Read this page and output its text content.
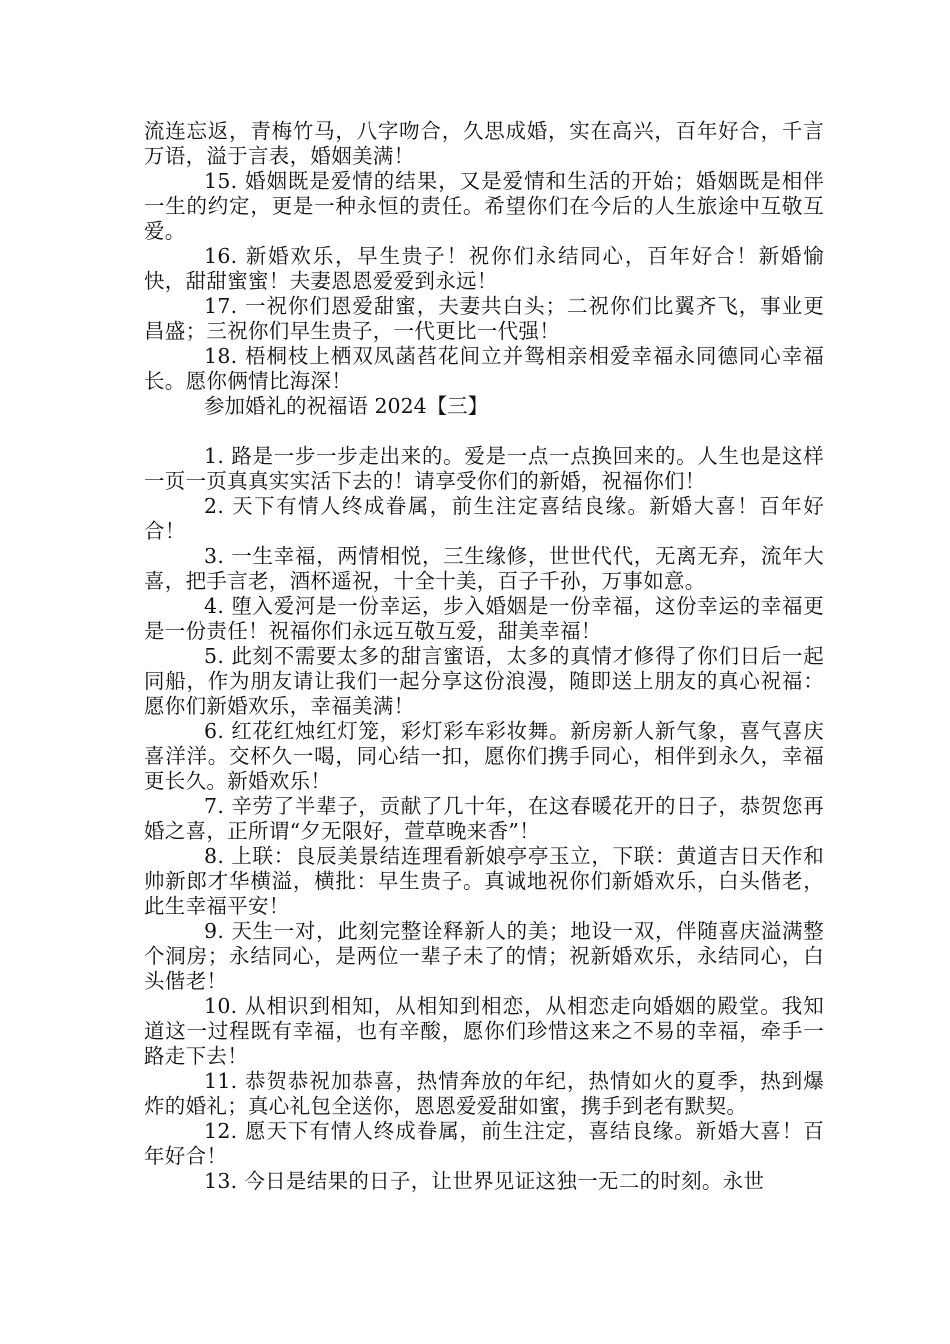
流连忘返，青梅竹马，八字吻合，久思成婚，实在高兴，百年好合，千言万语，溢于言表，婚姻美满！

15. 婚姻既是爱情的结果，又是爱情和生活的开始；婚姻既是相伴一生的约定，更是一种永恒的责任。希望你们在今后的人生旅途中互敬互爱。

16. 新婚欢乐，早生贵子！祝你们永结同心，百年好合！新婚愉快，甜甜蜜蜜！夫妻恩恩爱爱到永远！

17. 一祝你们恩爱甜蜜，夫妻共白头；二祝你们比翼齐飞，事业更昌盛；三祝你们早生贵子，一代更比一代强！

18. 梧桐枝上栖双凤菡萏花间立并鸳相亲相爱幸福永同德同心幸福长。愿你俩情比海深！

参加婚礼的祝福语 2024【三】

1. 路是一步一步走出来的。爱是一点一点换回来的。人生也是这样一页一页真真实实活下去的！请享受你们的新婚，祝福你们！

2. 天下有情人终成眷属，前生注定喜结良缘。新婚大喜！百年好合！

3. 一生幸福，两情相悦，三生缘修，世世代代，无离无弃，流年大喜，把手言老，酒杯遥祝，十全十美，百子千孙，万事如意。

4. 堕入爱河是一份幸运，步入婚姻是一份幸福，这份幸运的幸福更是一份责任！祝福你们永远互敬互爱，甜美幸福！

5. 此刻不需要太多的甜言蜜语，太多的真情才修得了你们日后一起同船，作为朋友请让我们一起分享这份浪漫，随即送上朋友的真心祝福：愿你们新婚欢乐，幸福美满！

6. 红花红烛红灯笼，彩灯彩车彩妆舞。新房新人新气象，喜气喜庆喜洋洋。交杯久一喝，同心结一扣，愿你们携手同心，相伴到永久，幸福更长久。新婚欢乐！

7. 辛劳了半辈子，贡献了几十年，在这春暖花开的日子，恭贺您再婚之喜，正所谓“夕无限好，萱草晚来香”！

8. 上联：良辰美景结连理看新娘亭亭玉立，下联：黄道吉日天作和帅新郎才华横溢，横批：早生贵子。真诚地祝你们新婚欢乐，白头偕老，此生幸福平安！

9. 天生一对，此刻完整诠释新人的美；地设一双，伴随喜庆溢满整个洞房；永结同心，是两位一辈子未了的情；祝新婚欢乐，永结同心，白头偕老！

10. 从相识到相知，从相知到相恋，从相恋走向婚姻的殿堂。我知道这一过程既有幸福，也有辛酸，愿你们珍惜这来之不易的幸福，牵手一路走下去！

11. 恭贺恭祝加恭喜，热情奔放的年纪，热情如火的夏季，热到爆炸的婚礼；真心礼包全送你，恩恩爱爱甜如蜜，携手到老有默契。

12. 愿天下有情人终成眷属，前生注定，喜结良缘。新婚大喜！百年好合！

13. 今日是结果的日子，让世界见证这独一无二的时刻。永世
